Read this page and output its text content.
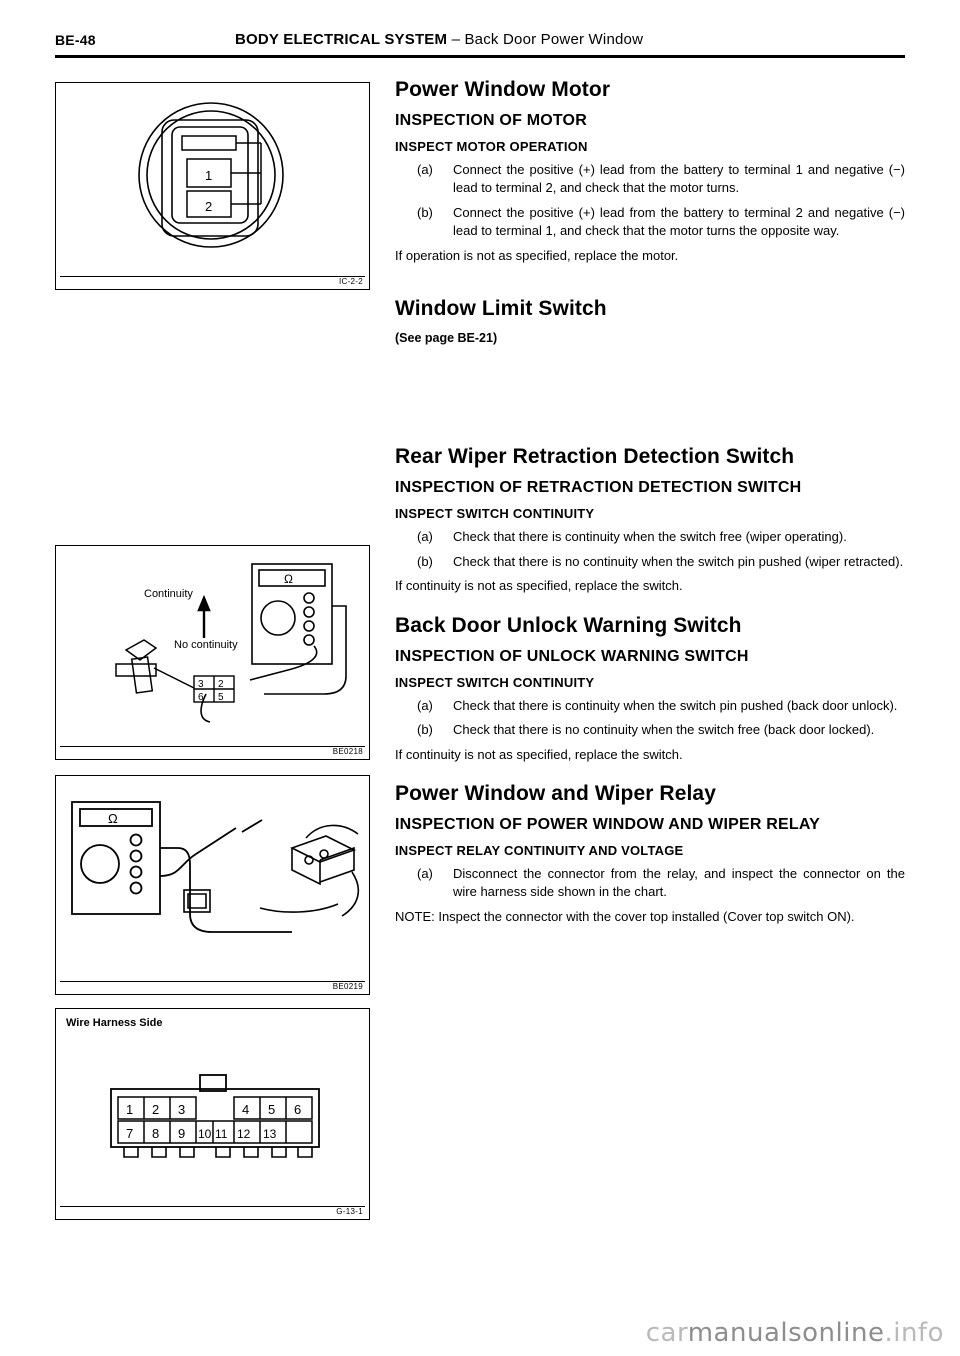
BE-48	BODY ELECTRICAL SYSTEM – Back Door Power Window
1
2
IC-2-2
Ω
3 2
6 5
Continuity
No continuity
BE0218
Ω
BE0219
Wire Harness Side
1 2 3	4 5 6
7 8 9 10 11 12 13
G-13-1
Power Window Motor
INSPECTION OF MOTOR
INSPECT MOTOR OPERATION
(a)	Connect the positive (+) lead from the battery to terminal 1 and negative (−) lead to terminal 2, and check that the motor turns.
(b)	Connect the positive (+) lead from the battery to terminal 2 and negative (−) lead to terminal 1, and check that the motor turns the opposite way.

If operation is not as specified, replace the motor.

Window Limit Switch
(See page BE-21)
Rear Wiper Retraction Detection Switch
INSPECTION OF RETRACTION DETECTION SWITCH
INSPECT SWITCH CONTINUITY
(a)	Check that there is continuity when the switch free (wiper operating).
(b)	Check that there is no continuity when the switch pin pushed (wiper retracted).

If continuity is not as specified, replace the switch.

Back Door Unlock Warning Switch
INSPECTION OF UNLOCK WARNING SWITCH
INSPECT SWITCH CONTINUITY
(a)	Check that there is continuity when the switch pin pushed (back door unlock).
(b)	Check that there is no continuity when the switch free (back door locked).

If continuity is not as specified, replace the switch.

Power Window and Wiper Relay
INSPECTION OF POWER WINDOW AND WIPER RELAY
INSPECT RELAY CONTINUITY AND VOLTAGE
(a)	Disconnect the connector from the relay, and inspect the connector on the wire harness side shown in the chart.

NOTE: Inspect the connector with the cover top installed (Cover top switch ON).

carmanualsonline.info
